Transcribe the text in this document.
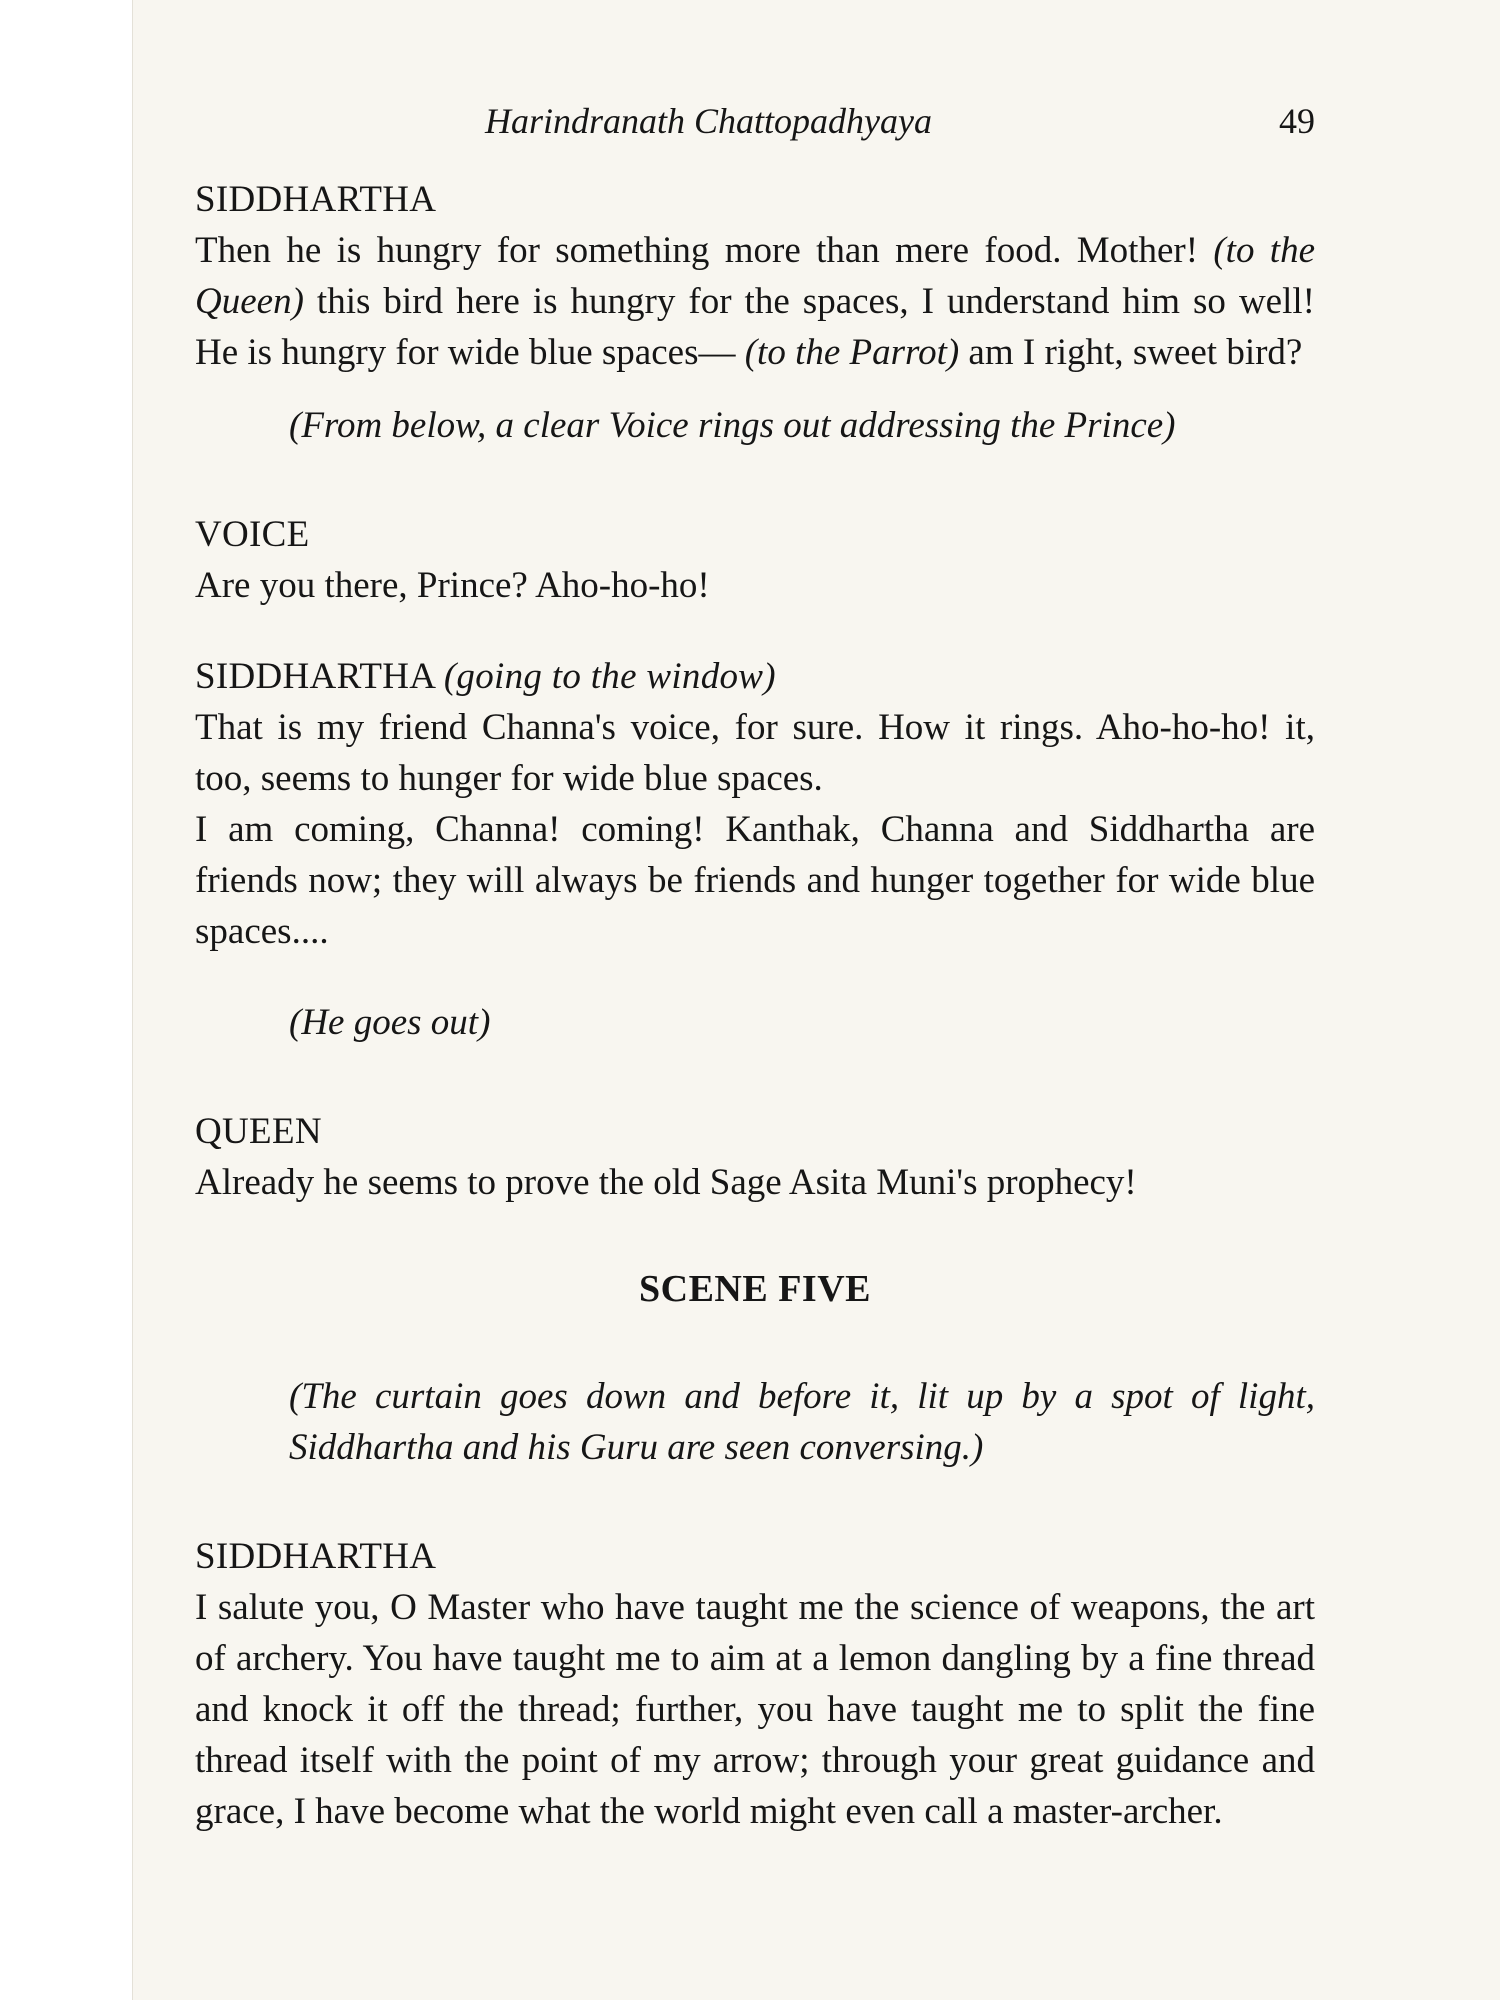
Harindranath Chattopadhyaya	49
SIDDHARTHA
Then he is hungry for something more than mere food. Mother! (to the Queen) this bird here is hungry for the spaces, I understand him so well! He is hungry for wide blue spaces— (to the Parrot) am I right, sweet bird?
(From below, a clear Voice rings out addressing the Prince)
VOICE
Are you there, Prince? Aho-ho-ho!
SIDDHARTHA (going to the window)

That is my friend Channa's voice, for sure. How it rings. Aho-ho-ho! it, too, seems to hunger for wide blue spaces.

I am coming, Channa! coming! Kanthak, Channa and Siddhartha are friends now; they will always be friends and hunger together for wide blue spaces....

(He goes out)
QUEEN
Already he seems to prove the old Sage Asita Muni's prophecy!
SCENE FIVE
(The curtain goes down and before it, lit up by a spot of light, Siddhartha and his Guru are seen conversing.)
SIDDHARTHA
I salute you, O Master who have taught me the science of weapons, the art of archery. You have taught me to aim at a lemon dangling by a fine thread and knock it off the thread; further, you have taught me to split the fine thread itself with the point of my arrow; through your great guidance and grace, I have become what the world might even call a master-archer.
